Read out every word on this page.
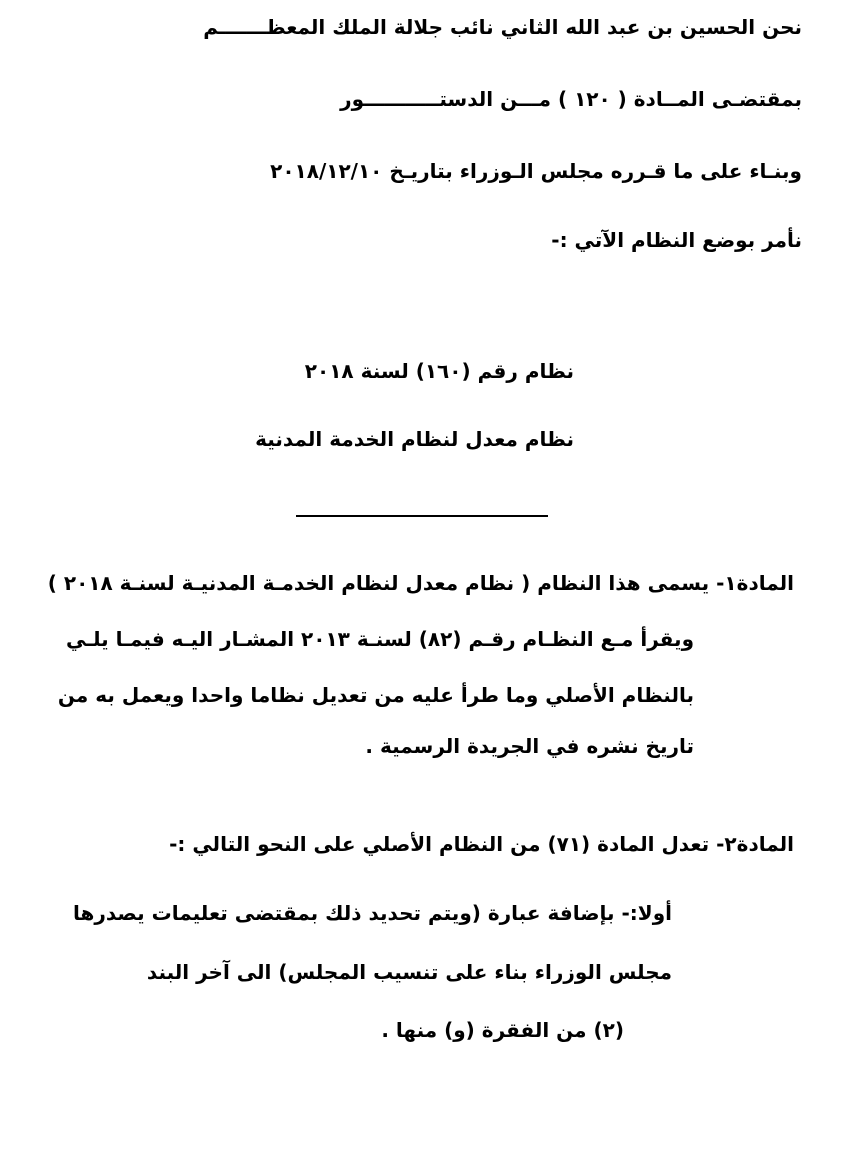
نحن الحسين بن عبد الله الثاني نائب جلالة الملك المعظـــــــم
بمقتضـى المــادة ( ١٢٠ ) مـــن الدستـــــــــــور
وبنـاء على ما قـرره مجلس الـوزراء بتاريـخ ٢٠١٨/١٢/١٠
نأمر بوضع النظام الآتي :-
نظام رقم (١٦٠) لسنة ٢٠١٨
نظام معدل لنظام الخدمة المدنية
المادة١- يسمى هذا النظام ( نظام معدل لنظام الخدمـة المدنيـة لسنـة ٢٠١٨ )
ويقرأ مـع النظـام رقـم (٨٢) لسنـة ٢٠١٣ المشـار اليـه فيمـا يلـي
بالنظام الأصلي وما طرأ عليه من تعديل نظاما واحدا ويعمل به من
تاريخ نشره في الجريدة الرسمية .
المادة٢- تعدل المادة (٧١) من النظام الأصلي على النحو التالي :-
أولا:- بإضافة عبارة (ويتم تحديد ذلك بمقتضى تعليمات يصدرها
مجلس الوزراء بناء على تنسيب المجلس) الى آخر البند
(٢) من الفقرة (و) منها .
